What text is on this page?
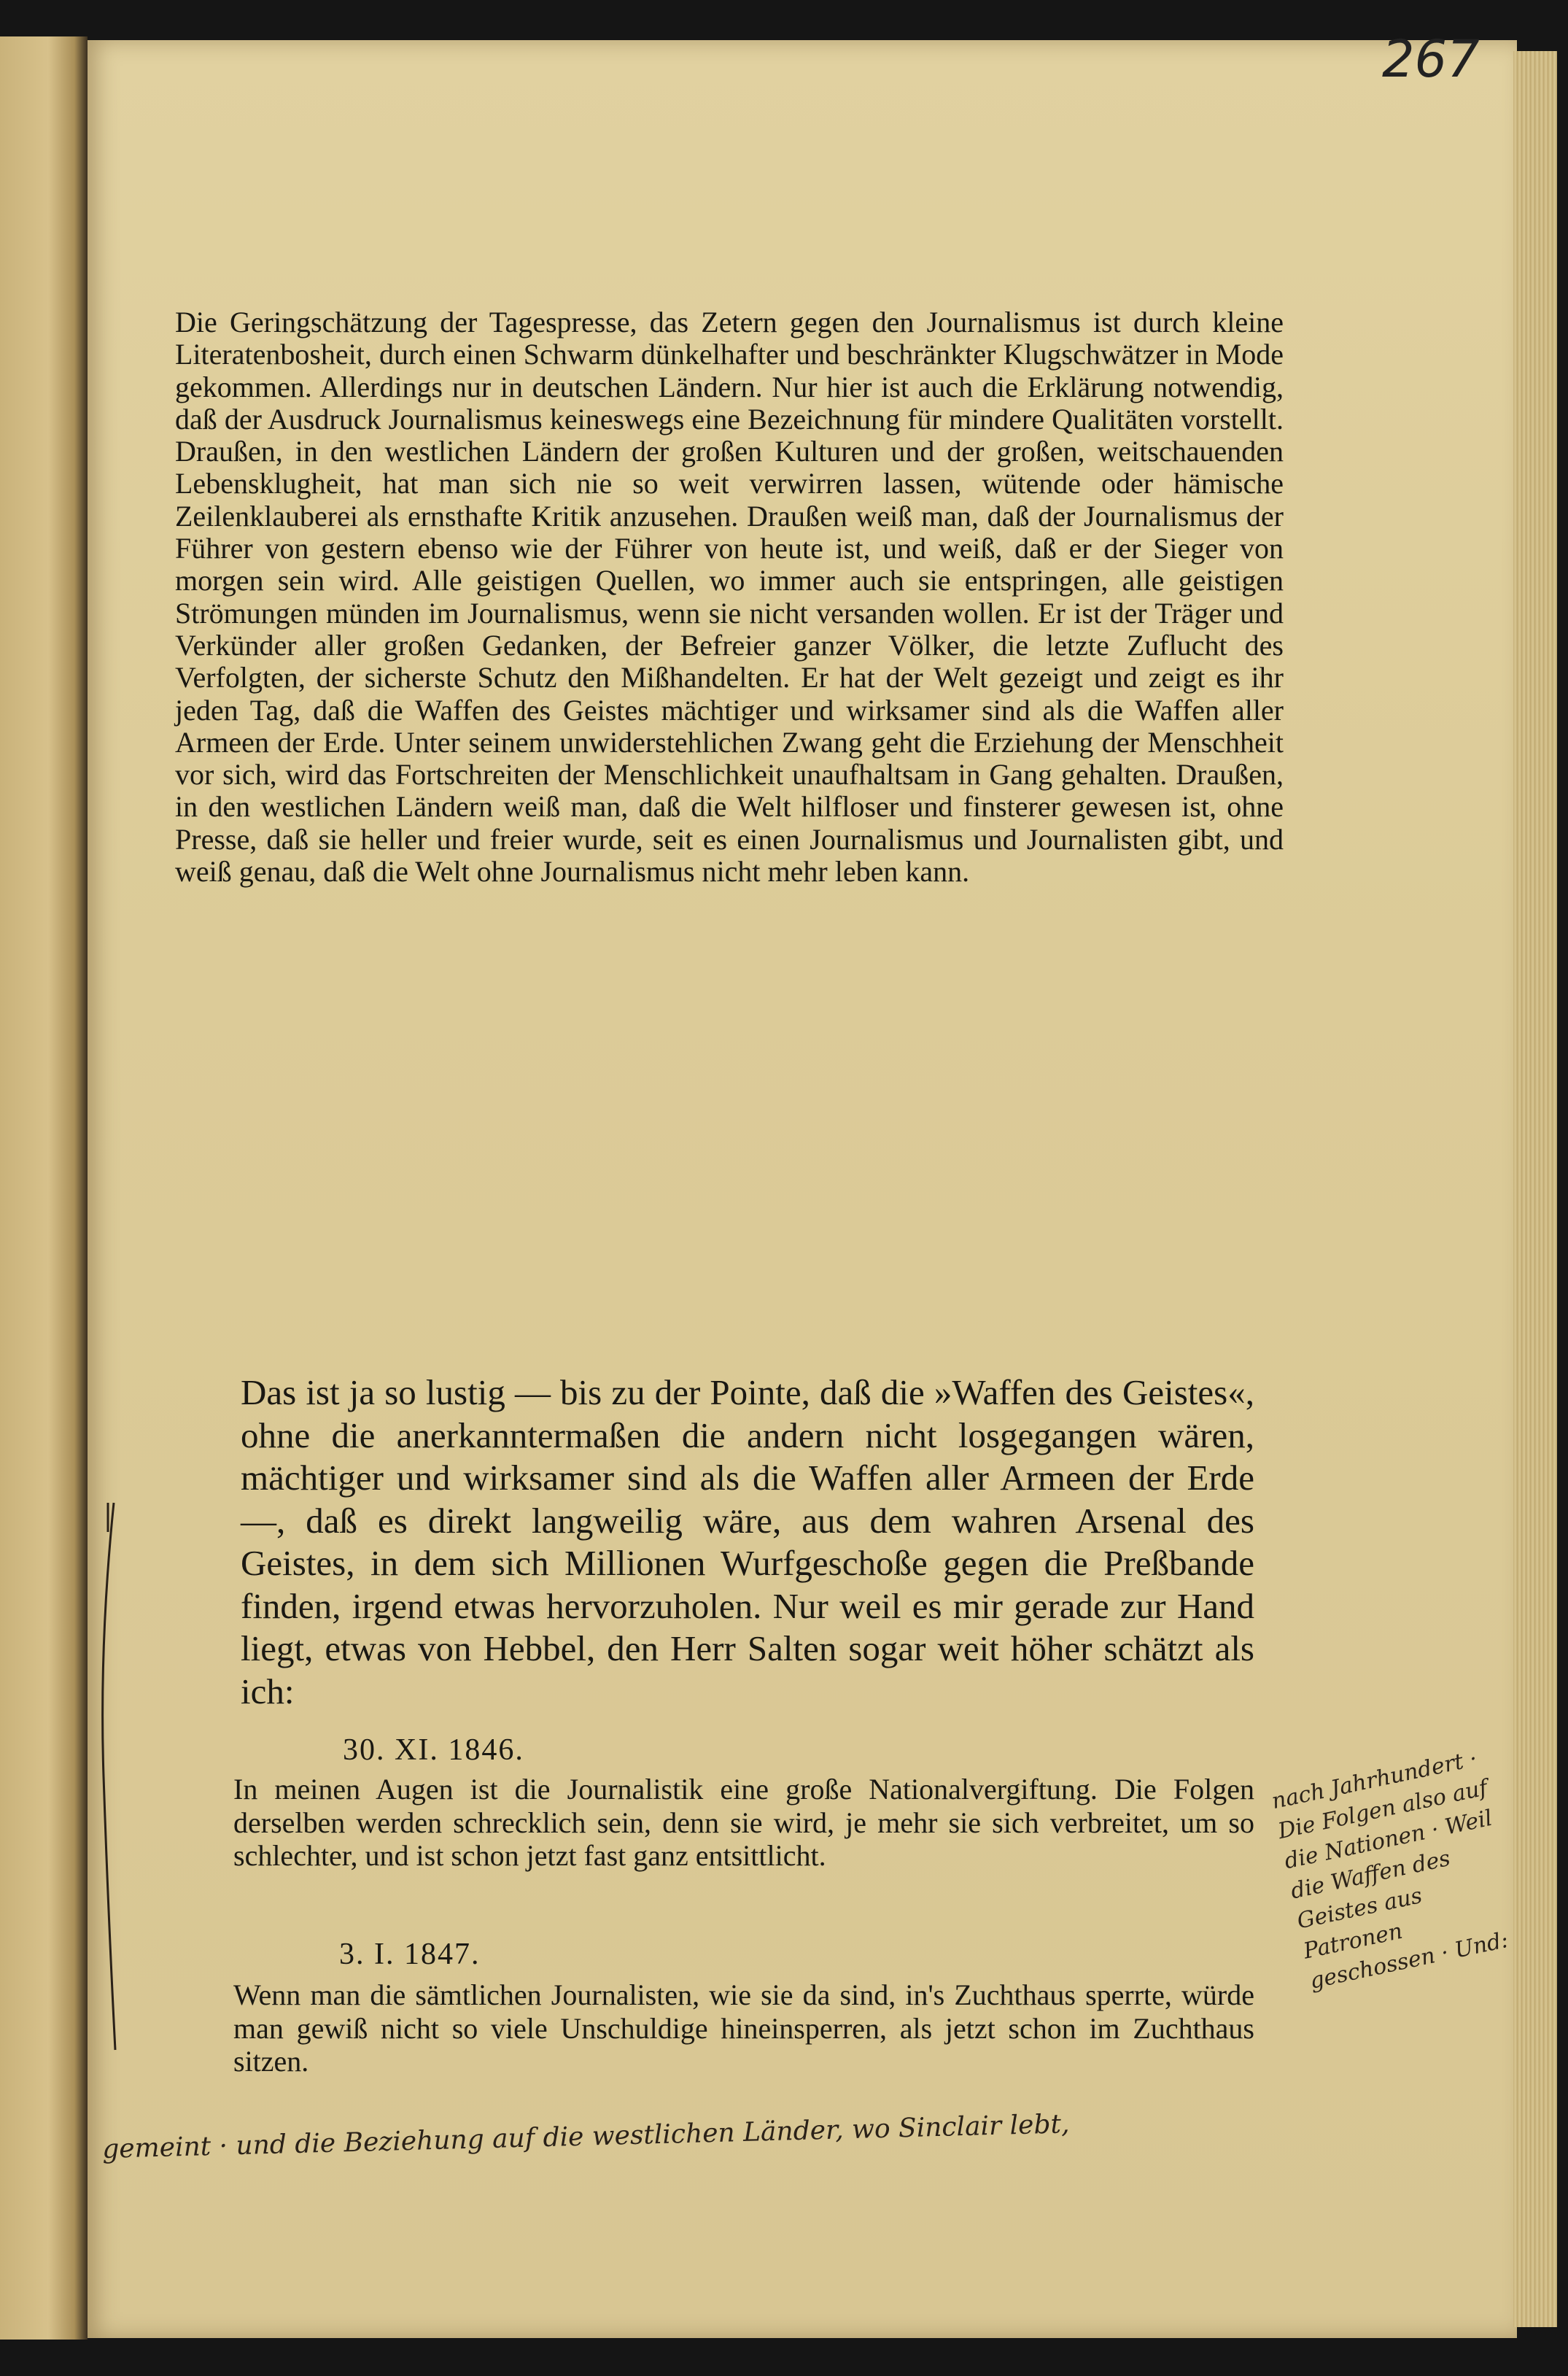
267

Die Geringschätzung der Tagespresse, das Zetern gegen den Journalismus ist durch kleine Literatenbosheit, durch einen Schwarm dünkelhafter und beschränkter Klugschwätzer in Mode gekommen. Allerdings nur in deutschen Ländern. Nur hier ist auch die Erklärung notwendig, daß der Ausdruck Journalismus keineswegs eine Bezeichnung für mindere Qualitäten vorstellt. Draußen, in den westlichen Ländern der großen Kulturen und der großen, weitschauenden Lebensklugheit, hat man sich nie so weit verwirren lassen, wütende oder hämische Zeilenklauberei als ernsthafte Kritik anzusehen. Draußen weiß man, daß der Journalismus der Führer von gestern ebenso wie der Führer von heute ist, und weiß, daß er der Sieger von morgen sein wird. Alle geistigen Quellen, wo immer auch sie entspringen, alle geistigen Strömungen münden im Journalismus, wenn sie nicht versanden wollen. Er ist der Träger und Verkünder aller großen Gedanken, der Befreier ganzer Völker, die letzte Zuflucht des Verfolgten, der sicherste Schutz den Mißhandelten. Er hat der Welt gezeigt und zeigt es ihr jeden Tag, daß die Waffen des Geistes mächtiger und wirksamer sind als die Waffen aller Armeen der Erde. Unter seinem unwiderstehlichen Zwang geht die Erziehung der Menschheit vor sich, wird das Fortschreiten der Menschlichkeit unaufhaltsam in Gang gehalten. Draußen, in den westlichen Ländern weiß man, daß die Welt hilfloser und finsterer gewesen ist, ohne Presse, daß sie heller und freier wurde, seit es einen Journalismus und Journalisten gibt, und weiß genau, daß die Welt ohne Journalismus nicht mehr leben kann.

Das ist ja so lustig — bis zu der Pointe, daß die »Waffen des Geistes«, ohne die anerkanntermaßen die andern nicht losgegangen wären, mächtiger und wirksamer sind als die Waffen aller Armeen der Erde —, daß es direkt langweilig wäre, aus dem wahren Arsenal des Geistes, in dem sich Millionen Wurfgeschoße gegen die Preßbande finden, irgend etwas hervorzuholen. Nur weil es mir gerade zur Hand liegt, etwas von Hebbel, den Herr Salten sogar weit höher schätzt als ich:

30. XI. 1846.

In meinen Augen ist die Journalistik eine große Nationalvergiftung. Die Folgen derselben werden schrecklich sein, denn sie wird, je mehr sie sich verbreitet, um so schlechter, und ist schon jetzt fast ganz entsittlicht.

3. I. 1847.

Wenn man die sämtlichen Journalisten, wie sie da sind, in's Zuchthaus sperrte, würde man gewiß nicht so viele Unschuldige hineinsperren, als jetzt schon im Zuchthaus sitzen.

nach Jahrhundert · Die Folgen also auf die Nationen · Weil die Waffen des Geistes aus Patronen geschossen · Und:
gemeint · und die Beziehung auf die westlichen Länder, wo Sinclair lebt,
